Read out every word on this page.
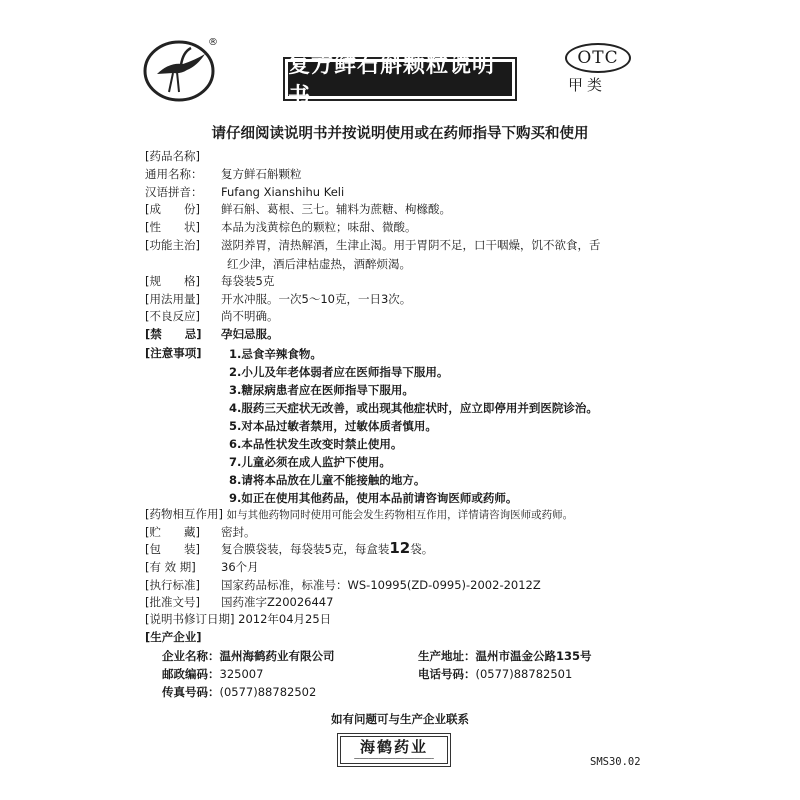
®
复方鲜石斛颗粒说明书
OTC
甲类
请仔细阅读说明书并按说明使用或在药师指导下购买和使用
[药品名称]
通用名称： 复方鲜石斛颗粒
汉语拼音： Fufang Xianshihu Keli
[成　　份] 鲜石斛、葛根、三七。辅料为蔗糖、枸橼酸。
[性　　状] 本品为浅黄棕色的颗粒；味甜、微酸。
[功能主治] 滋阴养胃，清热解酒，生津止渴。用于胃阴不足，口干咽燥，饥不欲食，舌
红少津，酒后津枯虚热，酒醉烦渴。
[规　　格] 每袋装5克
[用法用量] 开水冲服。一次5～10克，一日3次。
[不良反应] 尚不明确。
[禁　　忌] 孕妇忌服。
[注意事项] 1.忌食辛辣食物。
2.小儿及年老体弱者应在医师指导下服用。
3.糖尿病患者应在医师指导下服用。
4.服药三天症状无改善，或出现其他症状时，应立即停用并到医院诊治。
5.对本品过敏者禁用，过敏体质者慎用。
6.本品性状发生改变时禁止使用。
7.儿童必须在成人监护下使用。
8.请将本品放在儿童不能接触的地方。
9.如正在使用其他药品，使用本品前请咨询医师或药师。
[药物相互作用] 如与其他药物同时使用可能会发生药物相互作用，详情请咨询医师或药师。
[贮　　藏] 密封。
[包　　装] 复合膜袋装，每袋装5克，每盒装12袋。
[有 效 期] 36个月
[执行标准] 国家药品标准，标准号：WS-10995(ZD-0995)-2002-2012Z
[批准文号] 国药准字Z20026447
[说明书修订日期] 2012年04月25日
[生产企业]
企业名称：温州海鹤药业有限公司	生产地址：温州市温金公路135号
邮政编码：325007	电话号码：(0577)88782501
传真号码：(0577)88782502
如有问题可与生产企业联系
海鹤药业
━━━━━━━━━━━━━━━━━━━━━━━━━━━━━━━━━	SMS30.02
